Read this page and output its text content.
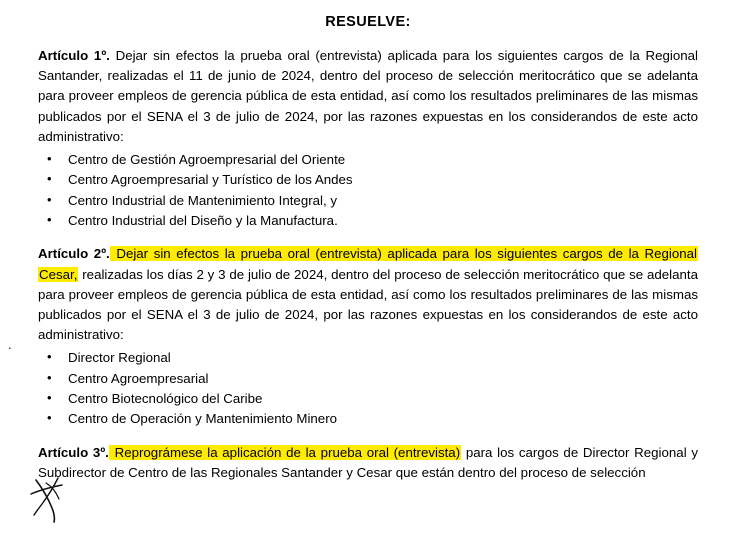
RESUELVE:

Artículo 1º. Dejar sin efectos la prueba oral (entrevista) aplicada para los siguientes cargos de la Regional Santander, realizadas el 11 de junio de 2024, dentro del proceso de selección meritocrático que se adelanta para proveer empleos de gerencia pública de esta entidad, así como los resultados preliminares de las mismas publicados por el SENA el 3 de julio de 2024, por las razones expuestas en los considerandos de este acto administrativo:

• Centro de Gestión Agroempresarial del Oriente
• Centro Agroempresarial y Turístico de los Andes
• Centro Industrial de Mantenimiento Integral, y
• Centro Industrial del Diseño y la Manufactura.

Artículo 2º. Dejar sin efectos la prueba oral (entrevista) aplicada para los siguientes cargos de la Regional Cesar, realizadas los días 2 y 3 de julio de 2024, dentro del proceso de selección meritocrático que se adelanta para proveer empleos de gerencia pública de esta entidad, así como los resultados preliminares de las mismas publicados por el SENA el 3 de julio de 2024, por las razones expuestas en los considerandos de este acto administrativo:

• Director Regional
• Centro Agroempresarial
• Centro Biotecnológico del Caribe
• Centro de Operación y Mantenimiento Minero

Artículo 3º. Reprográmese la aplicación de la prueba oral (entrevista) para los cargos de Director Regional y Subdirector de Centro de las Regionales Santander y Cesar que están dentro del proceso de selección

.
